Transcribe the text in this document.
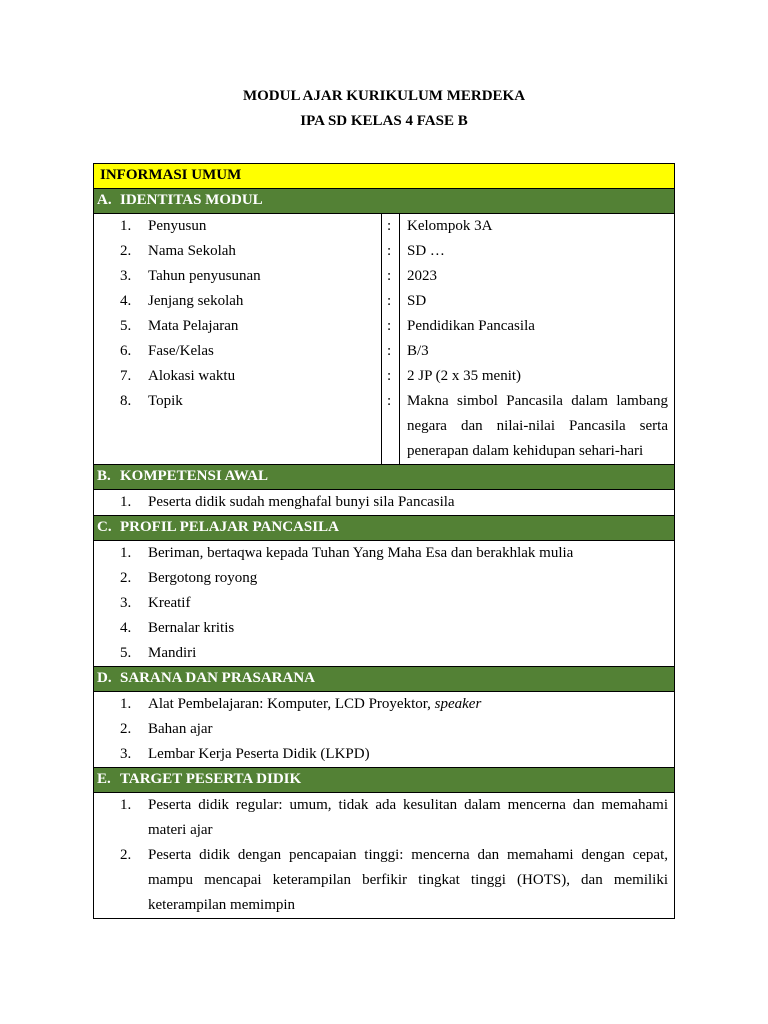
MODUL AJAR KURIKULUM MERDEKA
IPA SD KELAS 4 FASE B
INFORMASI UMUM
A. IDENTITAS MODUL
1. Penyusun	: Kelompok 3A
2. Nama Sekolah	: SD …
3. Tahun penyusunan	: 2023
4. Jenjang sekolah	: SD
5. Mata Pelajaran	: Pendidikan Pancasila
6. Fase/Kelas	: B/3
7. Alokasi waktu	: 2 JP (2 x 35 menit)
8. Topik	: Makna simbol Pancasila dalam lambang negara dan nilai-nilai Pancasila serta penerapan dalam kehidupan sehari-hari
B. KOMPETENSI AWAL
1. Peserta didik sudah menghafal bunyi sila Pancasila
C. PROFIL PELAJAR PANCASILA
1. Beriman, bertaqwa kepada Tuhan Yang Maha Esa dan berakhlak mulia
2. Bergotong royong
3. Kreatif
4. Bernalar kritis
5. Mandiri
D. SARANA DAN PRASARANA
1. Alat Pembelajaran: Komputer, LCD Proyektor, speaker
2. Bahan ajar
3. Lembar Kerja Peserta Didik (LKPD)
E. TARGET PESERTA DIDIK
1. Peserta didik regular: umum, tidak ada kesulitan dalam mencerna dan memahami materi ajar
2. Peserta didik dengan pencapaian tinggi: mencerna dan memahami dengan cepat, mampu mencapai keterampilan berfikir tingkat tinggi (HOTS), dan memiliki keterampilan memimpin
